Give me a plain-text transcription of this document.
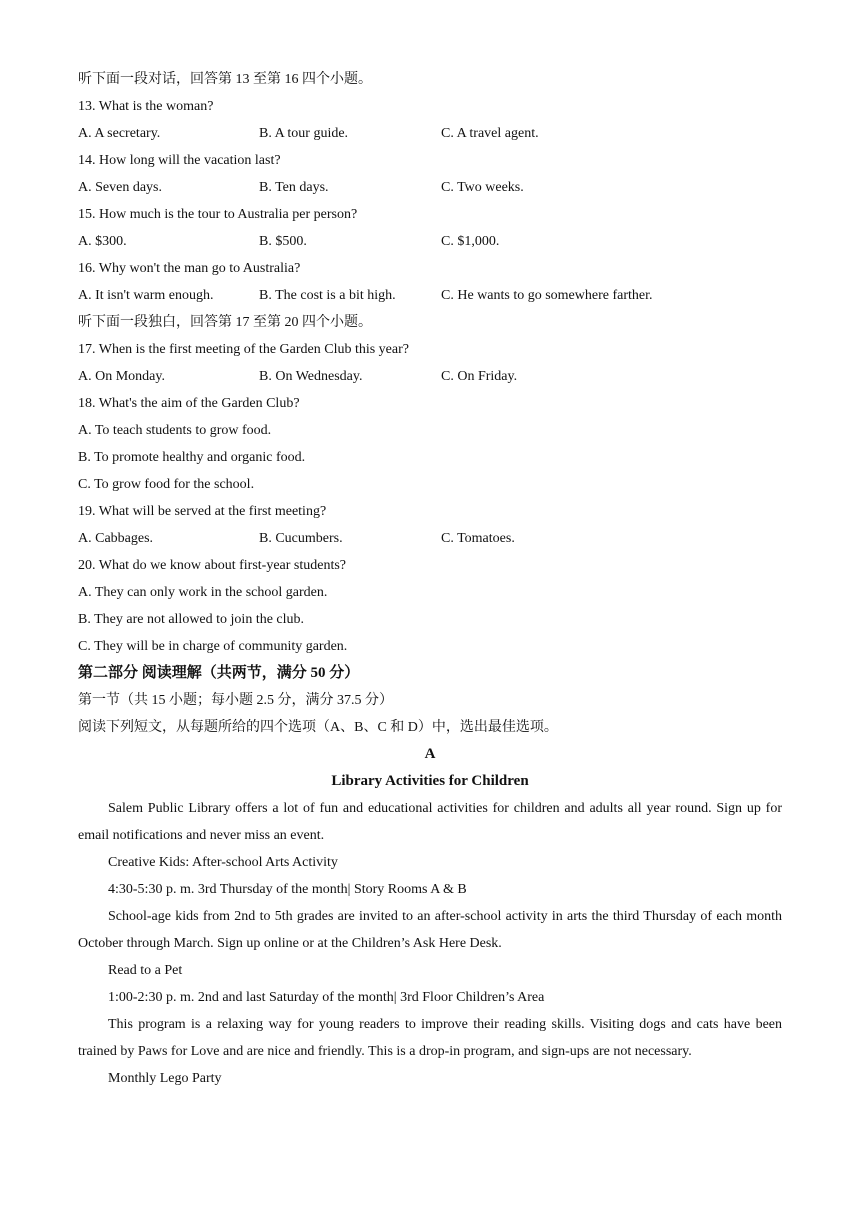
听下面一段对话，回答第 13 至第 16 四个小题。
13. What is the woman?
A. A secretary.	B. A tour guide.	C. A travel agent.
14. How long will the vacation last?
A. Seven days.	B. Ten days.	C. Two weeks.
15. How much is the tour to Australia per person?
A. $300.	B. $500.	C. $1,000.
16. Why won't the man go to Australia?
A. It isn't warm enough.	B. The cost is a bit high.	C. He wants to go somewhere farther.
听下面一段独白，回答第 17 至第 20 四个小题。
17. When is the first meeting of the Garden Club this year?
A. On Monday.	B. On Wednesday.	C. On Friday.
18. What's the aim of the Garden Club?
A. To teach students to grow food.
B. To promote healthy and organic food.
C. To grow food for the school.
19. What will be served at the first meeting?
A. Cabbages.	B. Cucumbers.	C. Tomatoes.
20. What do we know about first-year students?
A. They can only work in the school garden.
B. They are not allowed to join the club.
C. They will be in charge of community garden.
第二部分 阅读理解（共两节，满分 50 分）
第一节（共 15 小题；每小题 2.5 分，满分 37.5 分）
阅读下列短文，从每题所给的四个选项（A、B、C 和 D）中，选出最佳选项。
A
Library Activities for Children
Salem Public Library offers a lot of fun and educational activities for children and adults all year round. Sign up for email notifications and never miss an event.
Creative Kids: After-school Arts Activity
4:30-5:30 p. m. 3rd Thursday of the month| Story Rooms A & B
School-age kids from 2nd to 5th grades are invited to an after-school activity in arts the third Thursday of each month October through March. Sign up online or at the Children’s Ask Here Desk.
Read to a Pet
1:00-2:30 p. m. 2nd and last Saturday of the month| 3rd Floor Children’s Area
This program is a relaxing way for young readers to improve their reading skills. Visiting dogs and cats have been trained by Paws for Love and are nice and friendly. This is a drop-in program, and sign-ups are not necessary.
Monthly Lego Party
